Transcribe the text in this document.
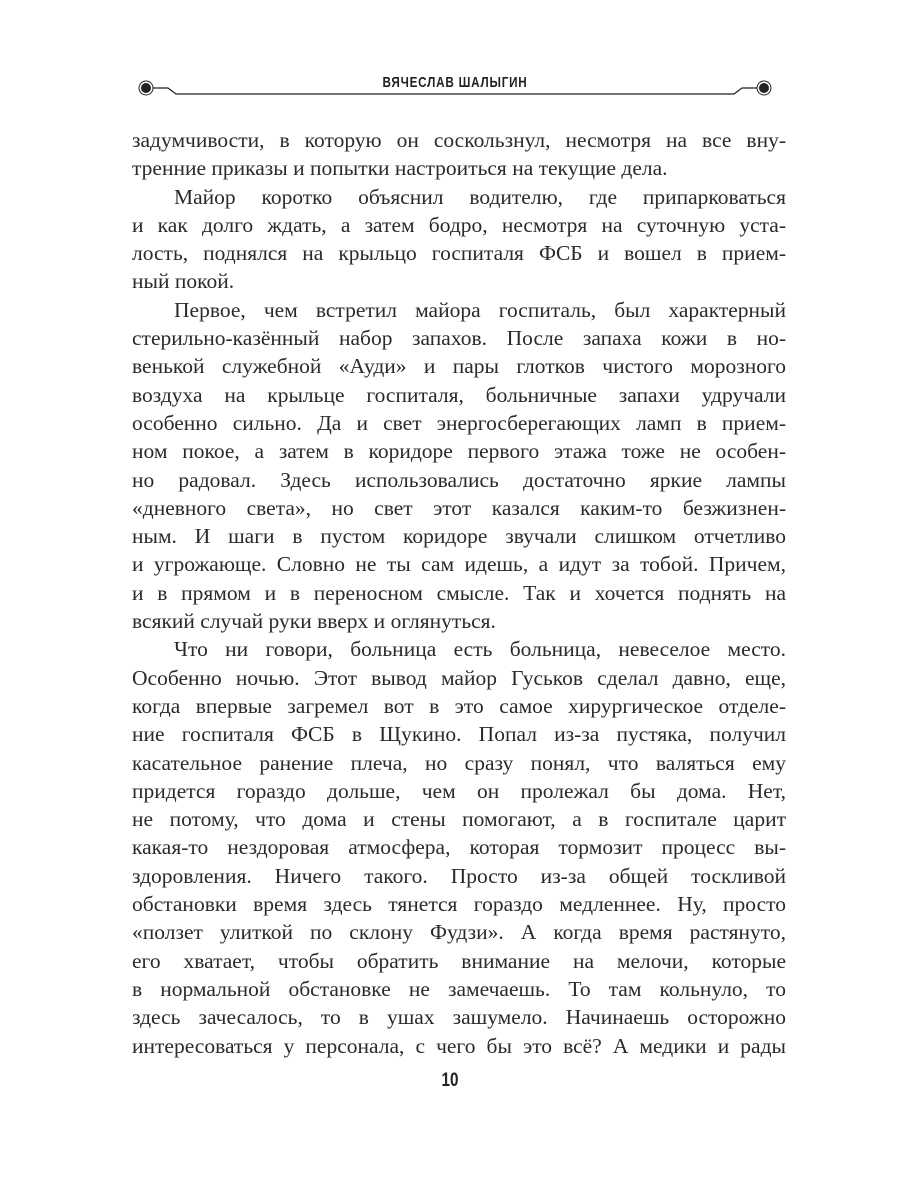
ВЯЧЕСЛАВ ШАЛЫГИН
задумчивости, в которую он соскользнул, несмотря на все вну-
тренние приказы и попытки настроиться на текущие дела.
Майор коротко объяснил водителю, где припарковаться
и как долго ждать, а затем бодро, несмотря на суточную уста-
лость, поднялся на крыльцо госпиталя ФСБ и вошел в прием-
ный покой.
Первое, чем встретил майора госпиталь, был характерный
стерильно-казённый набор запахов. После запаха кожи в но-
венькой служебной «Ауди» и пары глотков чистого морозного
воздуха на крыльце госпиталя, больничные запахи удручали
особенно сильно. Да и свет энергосберегающих ламп в прием-
ном покое, а затем в коридоре первого этажа тоже не особен-
но радовал. Здесь использовались достаточно яркие лампы
«дневного света», но свет этот казался каким-то безжизнен-
ным. И шаги в пустом коридоре звучали слишком отчетливо
и угрожающе. Словно не ты сам идешь, а идут за тобой. Причем,
и в прямом и в переносном смысле. Так и хочется поднять на
всякий случай руки вверх и оглянуться.
Что ни говори, больница есть больница, невеселое место.
Особенно ночью. Этот вывод майор Гуськов сделал давно, еще,
когда впервые загремел вот в это самое хирургическое отделе-
ние госпиталя ФСБ в Щукино. Попал из-за пустяка, получил
касательное ранение плеча, но сразу понял, что валяться ему
придется гораздо дольше, чем он пролежал бы дома. Нет,
не потому, что дома и стены помогают, а в госпитале царит
какая-то нездоровая атмосфера, которая тормозит процесс вы-
здоровления. Ничего такого. Просто из-за общей тоскливой
обстановки время здесь тянется гораздо медленнее. Ну, просто
«ползет улиткой по склону Фудзи». А когда время растянуто,
его хватает, чтобы обратить внимание на мелочи, которые
в нормальной обстановке не замечаешь. То там кольнуло, то
здесь зачесалось, то в ушах зашумело. Начинаешь осторожно
интересоваться у персонала, с чего бы это всё? А медики и рады
10
